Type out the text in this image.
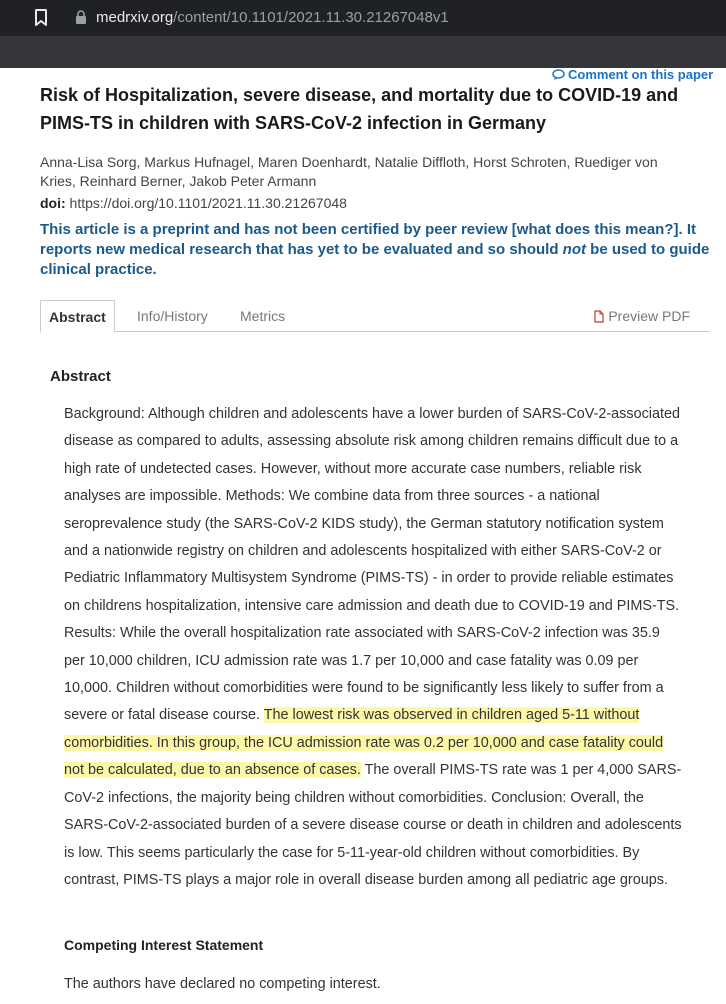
medrxiv.org/content/10.1101/2021.11.30.21267048v1
Comment on this paper
Risk of Hospitalization, severe disease, and mortality due to COVID-19 and PIMS-TS in children with SARS-CoV-2 infection in Germany
Anna-Lisa Sorg, Markus Hufnagel, Maren Doenhardt, Natalie Diffloth, Horst Schroten, Ruediger von Kries, Reinhard Berner, Jakob Peter Armann
doi: https://doi.org/10.1101/2021.11.30.21267048
This article is a preprint and has not been certified by peer review [what does this mean?]. It reports new medical research that has yet to be evaluated and so should not be used to guide clinical practice.
Abstract	Info/History Metrics	Preview PDF
Abstract

Background: Although children and adolescents have a lower burden of SARS-CoV-2-associated disease as compared to adults, assessing absolute risk among children remains difficult due to a high rate of undetected cases. However, without more accurate case numbers, reliable risk analyses are impossible. Methods: We combine data from three sources - a national seroprevalence study (the SARS-CoV-2 KIDS study), the German statutory notification system and a nationwide registry on children and adolescents hospitalized with either SARS-CoV-2 or Pediatric Inflammatory Multisystem Syndrome (PIMS-TS) - in order to provide reliable estimates on childrens hospitalization, intensive care admission and death due to COVID-19 and PIMS-TS. Results: While the overall hospitalization rate associated with SARS-CoV-2 infection was 35.9 per 10,000 children, ICU admission rate was 1.7 per 10,000 and case fatality was 0.09 per 10,000. Children without comorbidities were found to be significantly less likely to suffer from a severe or fatal disease course. The lowest risk was observed in children aged 5-11 without comorbidities. In this group, the ICU admission rate was 0.2 per 10,000 and case fatality could not be calculated, due to an absence of cases. The overall PIMS-TS rate was 1 per 4,000 SARS-CoV-2 infections, the majority being children without comorbidities. Conclusion: Overall, the SARS-CoV-2-associated burden of a severe disease course or death in children and adolescents is low. This seems particularly the case for 5-11-year-old children without comorbidities. By contrast, PIMS-TS plays a major role in overall disease burden among all pediatric age groups.

Competing Interest Statement

The authors have declared no competing interest.
